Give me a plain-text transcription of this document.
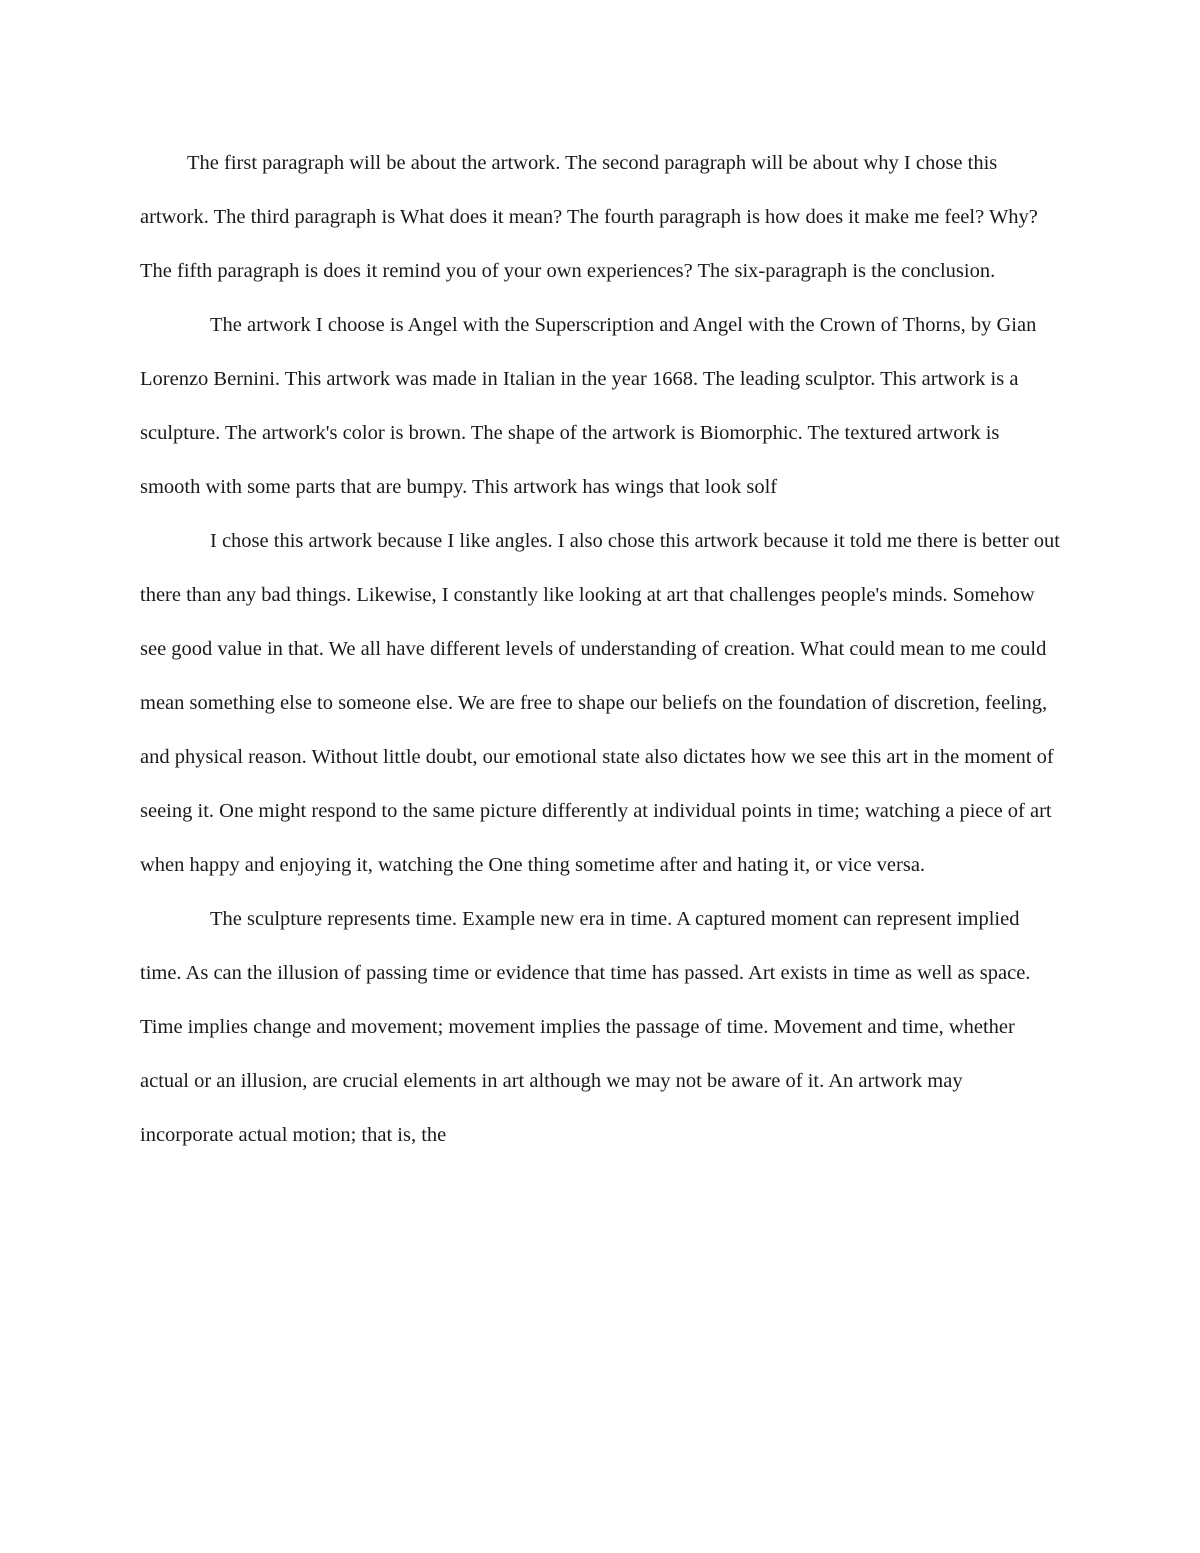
The first paragraph will be about the artwork. The second paragraph will be about why I chose this artwork. The third paragraph is What does it mean? The fourth paragraph is how does it make me feel? Why? The fifth paragraph is does it remind you of your own experiences? The six-paragraph is the conclusion.

The artwork I choose is Angel with the Superscription and Angel with the Crown of Thorns, by Gian Lorenzo Bernini. This artwork was made in Italian in the year 1668. The leading sculptor. This artwork is a sculpture. The artwork's color is brown. The shape of the artwork is Biomorphic. The textured artwork is smooth with some parts that are bumpy. This artwork has wings that look solf

I chose this artwork because I like angles. I also chose this artwork because it told me there is better out there than any bad things. Likewise, I constantly like looking at art that challenges people's minds. Somehow see good value in that. We all have different levels of understanding of creation. What could mean to me could mean something else to someone else. We are free to shape our beliefs on the foundation of discretion, feeling, and physical reason. Without little doubt, our emotional state also dictates how we see this art in the moment of seeing it. One might respond to the same picture differently at individual points in time; watching a piece of art when happy and enjoying it, watching the One thing sometime after and hating it, or vice versa.

The sculpture represents time. Example new era in time. A captured moment can represent implied time. As can the illusion of passing time or evidence that time has passed. Art exists in time as well as space. Time implies change and movement; movement implies the passage of time. Movement and time, whether actual or an illusion, are crucial elements in art although we may not be aware of it. An artwork may incorporate actual motion; that is, the
